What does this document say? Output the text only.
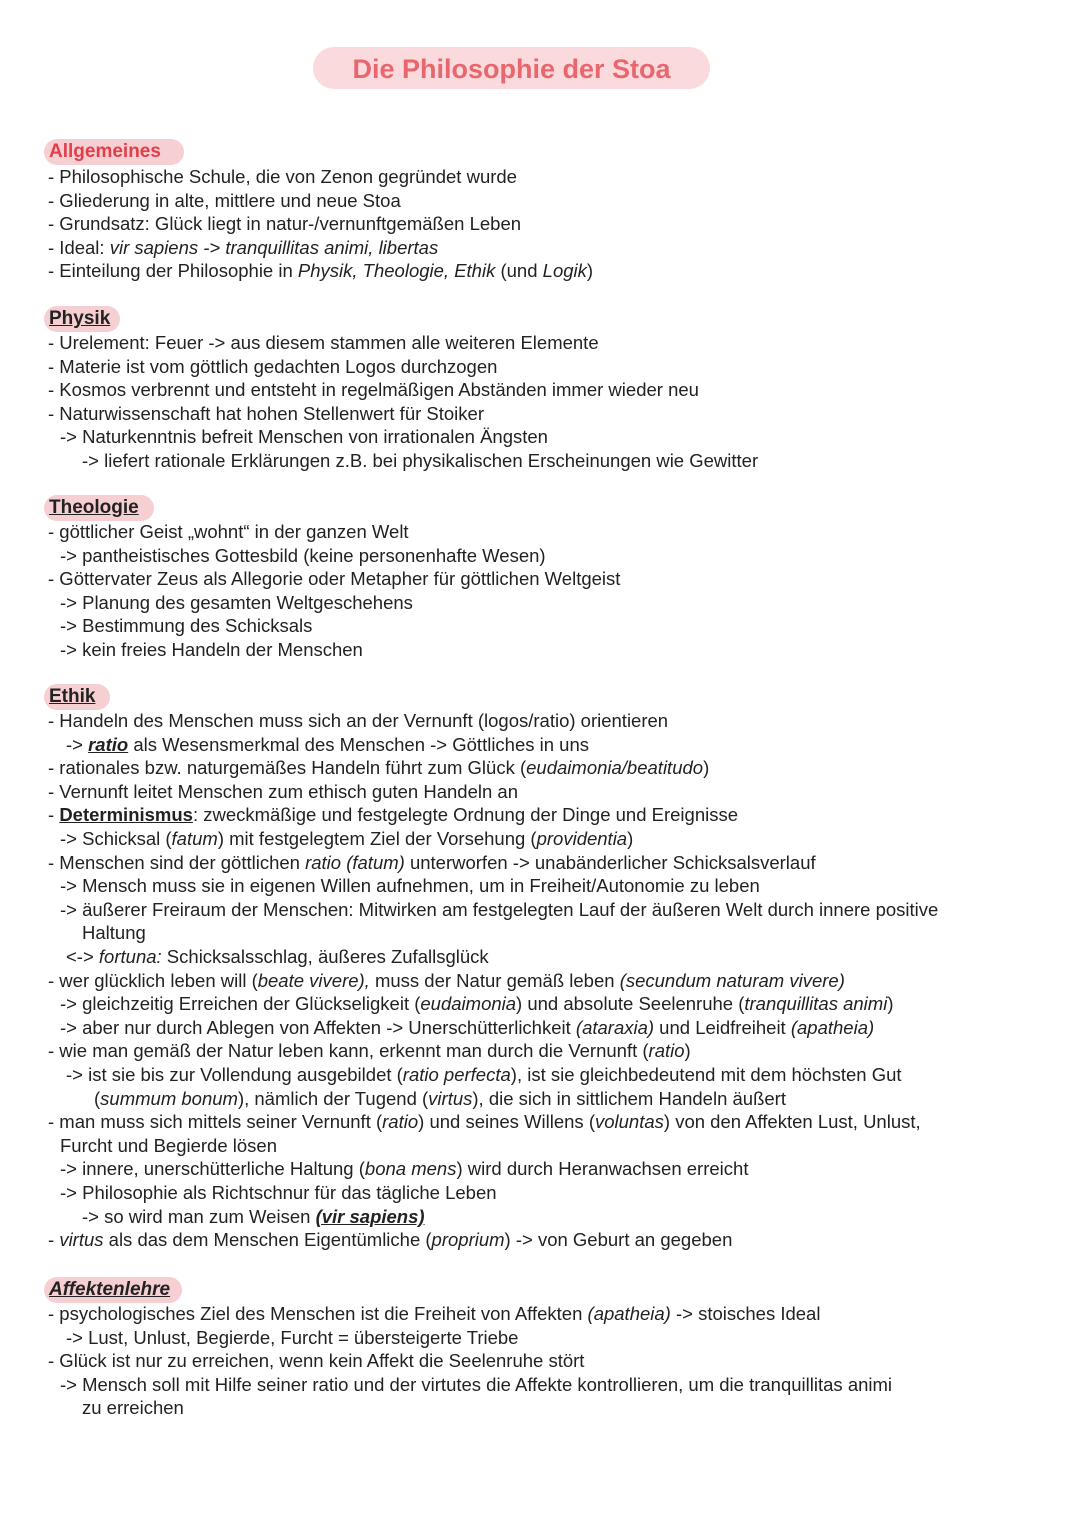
Die Philosophie der Stoa
Allgemeines
- Philosophische Schule, die von Zenon gegründet wurde
- Gliederung in alte, mittlere und neue Stoa
- Grundsatz: Glück liegt in natur-/vernunftgemäßen Leben
- Ideal: vir sapiens -> tranquillitas animi, libertas
- Einteilung der Philosophie in Physik, Theologie, Ethik (und Logik)
Physik
- Urelement: Feuer -> aus diesem stammen alle weiteren Elemente
- Materie ist vom göttlich gedachten Logos durchzogen
- Kosmos verbrennt und entsteht in regelmäßigen Abständen immer wieder neu
- Naturwissenschaft hat hohen Stellenwert für Stoiker
-> Naturkenntnis befreit Menschen von irrationalen Ängsten
-> liefert rationale Erklärungen z.B. bei physikalischen Erscheinungen wie Gewitter
Theologie
- göttlicher Geist „wohnt“ in der ganzen Welt
-> pantheistisches Gottesbild (keine personenhafte Wesen)
- Göttervater Zeus als Allegorie oder Metapher für göttlichen Weltgeist
-> Planung des gesamten Weltgeschehens
-> Bestimmung des Schicksals
-> kein freies Handeln der Menschen
Ethik
- Handeln des Menschen muss sich an der Vernunft (logos/ratio) orientieren
-> ratio als Wesensmerkmal des Menschen -> Göttliches in uns
- rationales bzw. naturgemäßes Handeln führt zum Glück (eudaimonia/beatitudo)
- Vernunft leitet Menschen zum ethisch guten Handeln an
- Determinismus: zweckmäßige und festgelegte Ordnung der Dinge und Ereignisse
-> Schicksal (fatum) mit festgelegtem Ziel der Vorsehung (providentia)
- Menschen sind der göttlichen ratio (fatum) unterworfen -> unabänderlicher Schicksalsverlauf
-> Mensch muss sie in eigenen Willen aufnehmen, um in Freiheit/Autonomie zu leben
-> äußerer Freiraum der Menschen: Mitwirken am festgelegten Lauf der äußeren Welt durch innere positive
Haltung
<-> fortuna: Schicksalsschlag, äußeres Zufallsglück
- wer glücklich leben will (beate vivere), muss der Natur gemäß leben (secundum naturam vivere)
-> gleichzeitig Erreichen der Glückseligkeit (eudaimonia) und absolute Seelenruhe (tranquillitas animi)
-> aber nur durch Ablegen von Affekten -> Unerschütterlichkeit (ataraxia) und Leidfreiheit (apatheia)
- wie man gemäß der Natur leben kann, erkennt man durch die Vernunft (ratio)
-> ist sie bis zur Vollendung ausgebildet (ratio perfecta), ist sie gleichbedeutend mit dem höchsten Gut
(summum bonum), nämlich der Tugend (virtus), die sich in sittlichem Handeln äußert
- man muss sich mittels seiner Vernunft (ratio) und seines Willens (voluntas) von den Affekten Lust, Unlust,
Furcht und Begierde lösen
-> innere, unerschütterliche Haltung (bona mens) wird durch Heranwachsen erreicht
-> Philosophie als Richtschnur für das tägliche Leben
-> so wird man zum Weisen (vir sapiens)
- virtus als das dem Menschen Eigentümliche (proprium) -> von Geburt an gegeben
Affektenlehre
- psychologisches Ziel des Menschen ist die Freiheit von Affekten (apatheia) -> stoisches Ideal
-> Lust, Unlust, Begierde, Furcht = übersteigerte Triebe
- Glück ist nur zu erreichen, wenn kein Affekt die Seelenruhe stört
-> Mensch soll mit Hilfe seiner ratio und der virtutes die Affekte kontrollieren, um die tranquillitas animi
zu erreichen
